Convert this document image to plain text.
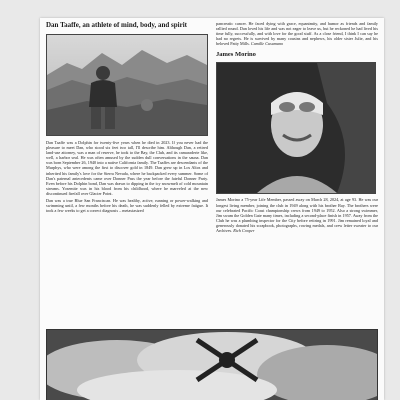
Dan Taaffe, an athlete of mind, body, and spirit

Dan Taaffe was a Dolphin for twenty-five years when he died in 2023. If you never had the pleasure to meet Dan, who stood six feet two tall, I'll describe him. Although Dan, a retired land-use attorney, was a man of reserve, he took to the Bay, the Club, and its camaraderie like, well, a harbor seal. He was often amused by the sudden dull conversations in the sauna. Dan was born September 26, 1940 into a native California family. The Taaffes are descendants of the Murphys, who were among the first to discover gold in 1849. Dan grew up in Los Altos and inherited his family's love for the Sierra Nevada, where he backpacked every summer. Some of Dan's paternal antecedents came over Donner Pass the year before the fateful Donner Party. Even before his Dolphin bond, Dan was drawn to dipping in the icy snowmelt of cold mountain streams. Yosemite was in his blood from his childhood, where he marveled at the new discontinued firefall over Glacier Point.

Dan was a true Blue San Franciscan. He was healthy, active, running or power-walking and swimming until, a few months before his death, he was suddenly felled by extreme fatigue. It took a few weeks to get a correct diagnosis – metastasized

pancreatic cancer. He faced dying with grace, equanimity, and humor as friends and family rallied round. Dan loved his life and was not eager to leave us, but he reckoned he had lived his time fully, successfully, and with love for the good stuff. As a close friend, I think I can say he had no regrets. He is survived by many cousins and nephews, his older sister Julie, and his beloved Patty Mills. Camille Cusumano
James Morino
James Morino a 75-year Life Member, passed away on March 28, 2024, at age 93. He was our longest living member, joining the club in 1949 along with his brother Ray. The brothers were our celebrated Pacific Coast championship crews from 1949 to 1952. Also a strong swimmer, Jim swam the Golden Gate many times, including a second-place finish in 1957. Away from the Club he was a plumbing inspector for the City before retiring in 1991. Jim remained loyal and generously donated his scrapbook, photographs, rowing medals, and crew letter sweater to our Archives. Rich Cooper
